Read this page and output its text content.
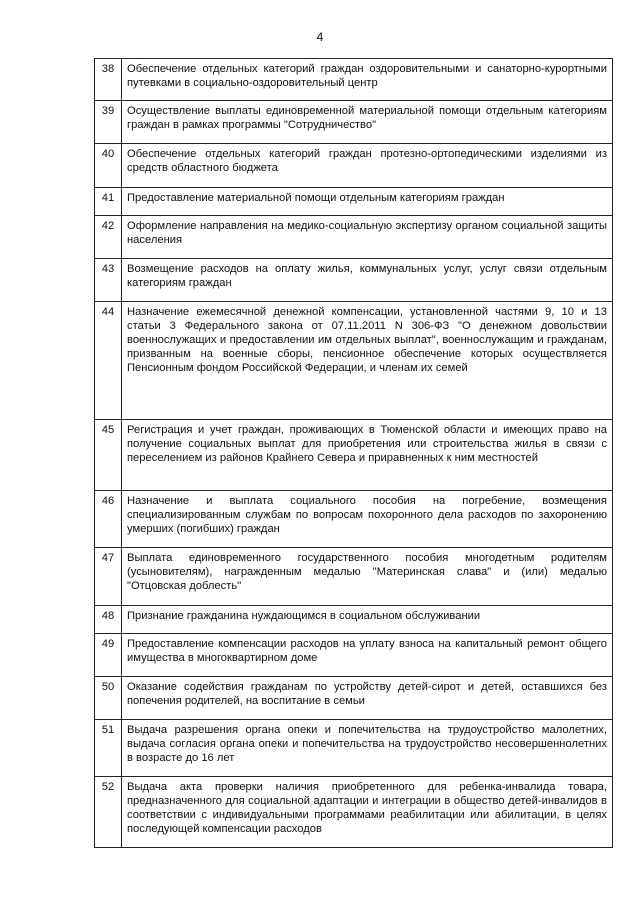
4
38	Обеспечение отдельных категорий граждан оздоровительными и санаторно-курортными путевками в социально-оздоровительный центр
39	Осуществление выплаты единовременной материальной помощи отдельным категориям граждан в рамках программы "Сотрудничество"
40	Обеспечение отдельных категорий граждан протезно-ортопедическими изделиями из средств областного бюджета
41	Предоставление материальной помощи отдельным категориям граждан
42	Оформление направления на медико-социальную экспертизу органом социальной защиты населения
43	Возмещение расходов на оплату жилья, коммунальных услуг, услуг связи отдельным категориям граждан
44	Назначение ежемесячной денежной компенсации, установленной частями 9, 10 и 13 статьи 3 Федерального закона от 07.11.2011 N 306-ФЗ "О денежном довольствии военнослужащих и предоставлении им отдельных выплат", военнослужащим и гражданам, призванным на военные сборы, пенсионное обеспечение которых осуществляется Пенсионным фондом Российской Федерации, и членам их семей
45	Регистрация и учет граждан, проживающих в Тюменской области и имеющих право на получение социальных выплат для приобретения или строительства жилья в связи с переселением из районов Крайнего Севера и приравненных к ним местностей
46	Назначение и выплата социального пособия на погребение, возмещения специализированным службам по вопросам похоронного дела расходов по захоронению умерших (погибших) граждан
47	Выплата единовременного государственного пособия многодетным родителям (усыновителям), награжденным медалью "Материнская слава" и (или) медалью "Отцовская доблесть"
48	Признание гражданина нуждающимся в социальном обслуживании
49	Предоставление компенсации расходов на уплату взноса на капитальный ремонт общего имущества в многоквартирном доме
50	Оказание содействия гражданам по устройству детей-сирот и детей, оставшихся без попечения родителей, на воспитание в семьи
51	Выдача разрешения органа опеки и попечительства на трудоустройство малолетних, выдача согласия органа опеки и попечительства на трудоустройство несовершеннолетних в возрасте до 16 лет
52	Выдача акта проверки наличия приобретенного для ребенка-инвалида товара, предназначенного для социальной адаптации и интеграции в общество детей-инвалидов в соответствии с индивидуальными программами реабилитации или абилитации, в целях последующей компенсации расходов
